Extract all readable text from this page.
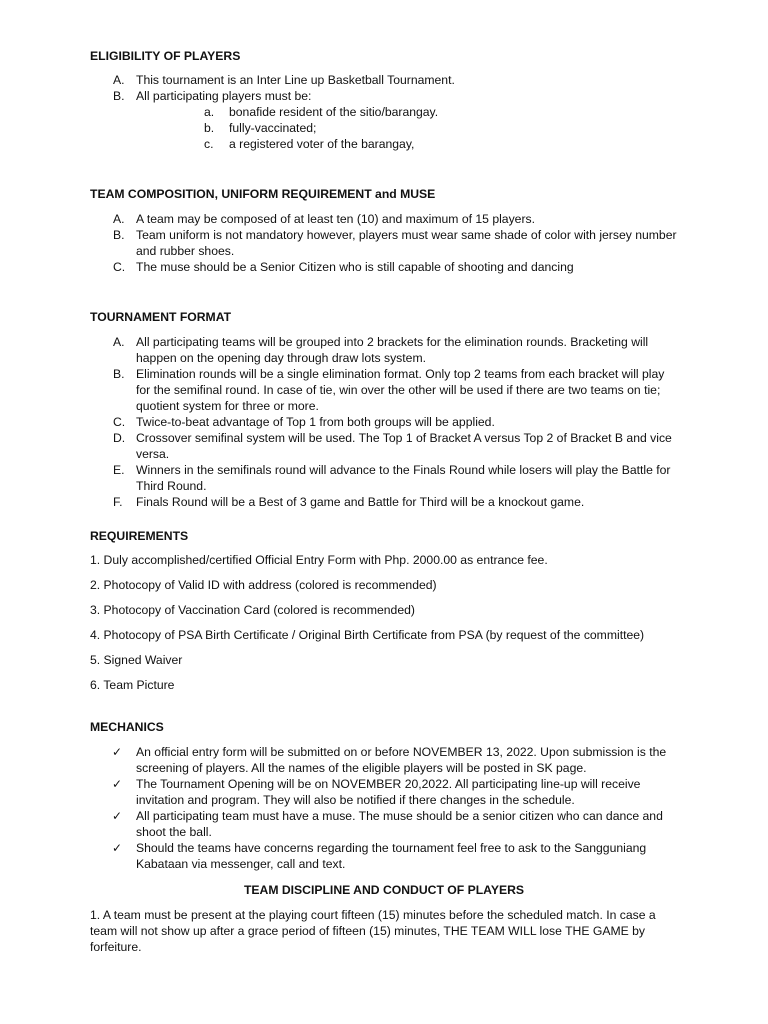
ELIGIBILITY OF PLAYERS
A. This tournament is an Inter Line up Basketball Tournament.
B. All participating players must be:
a. bonafide resident of the sitio/barangay.
b. fully-vaccinated;
c. a registered voter of the barangay,
TEAM COMPOSITION, UNIFORM REQUIREMENT and MUSE
A. A team may be composed of at least ten (10) and maximum of 15 players.
B. Team uniform is not mandatory however, players must wear same shade of color with jersey number and rubber shoes.
C. The muse should be a Senior Citizen who is still capable of shooting and dancing
TOURNAMENT FORMAT
A. All participating teams will be grouped into 2 brackets for the elimination rounds. Bracketing will happen on the opening day through draw lots system.
B. Elimination rounds will be a single elimination format. Only top 2 teams from each bracket will play for the semifinal round. In case of tie, win over the other will be used if there are two teams on tie; quotient system for three or more.
C. Twice-to-beat advantage of Top 1 from both groups will be applied.
D. Crossover semifinal system will be used. The Top 1 of Bracket A versus Top 2 of Bracket B and vice versa.
E. Winners in the semifinals round will advance to the Finals Round while losers will play the Battle for Third Round.
F. Finals Round will be a Best of 3 game and Battle for Third will be a knockout game.
REQUIREMENTS
1. Duly accomplished/certified Official Entry Form with Php. 2000.00 as entrance fee.
2. Photocopy of Valid ID with address (colored is recommended)
3. Photocopy of Vaccination Card (colored is recommended)
4. Photocopy of PSA Birth Certificate / Original Birth Certificate from PSA (by request of the committee)
5. Signed Waiver
6. Team Picture
MECHANICS
✓ An official entry form will be submitted on or before NOVEMBER 13, 2022. Upon submission is the screening of players. All the names of the eligible players will be posted in SK page.
✓ The Tournament Opening will be on NOVEMBER 20,2022. All participating line-up will receive invitation and program. They will also be notified if there changes in the schedule.
✓ All participating team must have a muse. The muse should be a senior citizen who can dance and shoot the ball.
✓ Should the teams have concerns regarding the tournament feel free to ask to the Sangguniang Kabataan via messenger, call and text.
TEAM DISCIPLINE AND CONDUCT OF PLAYERS

1. A team must be present at the playing court fifteen (15) minutes before the scheduled match. In case a team will not show up after a grace period of fifteen (15) minutes, THE TEAM WILL lose THE GAME by forfeiture.
